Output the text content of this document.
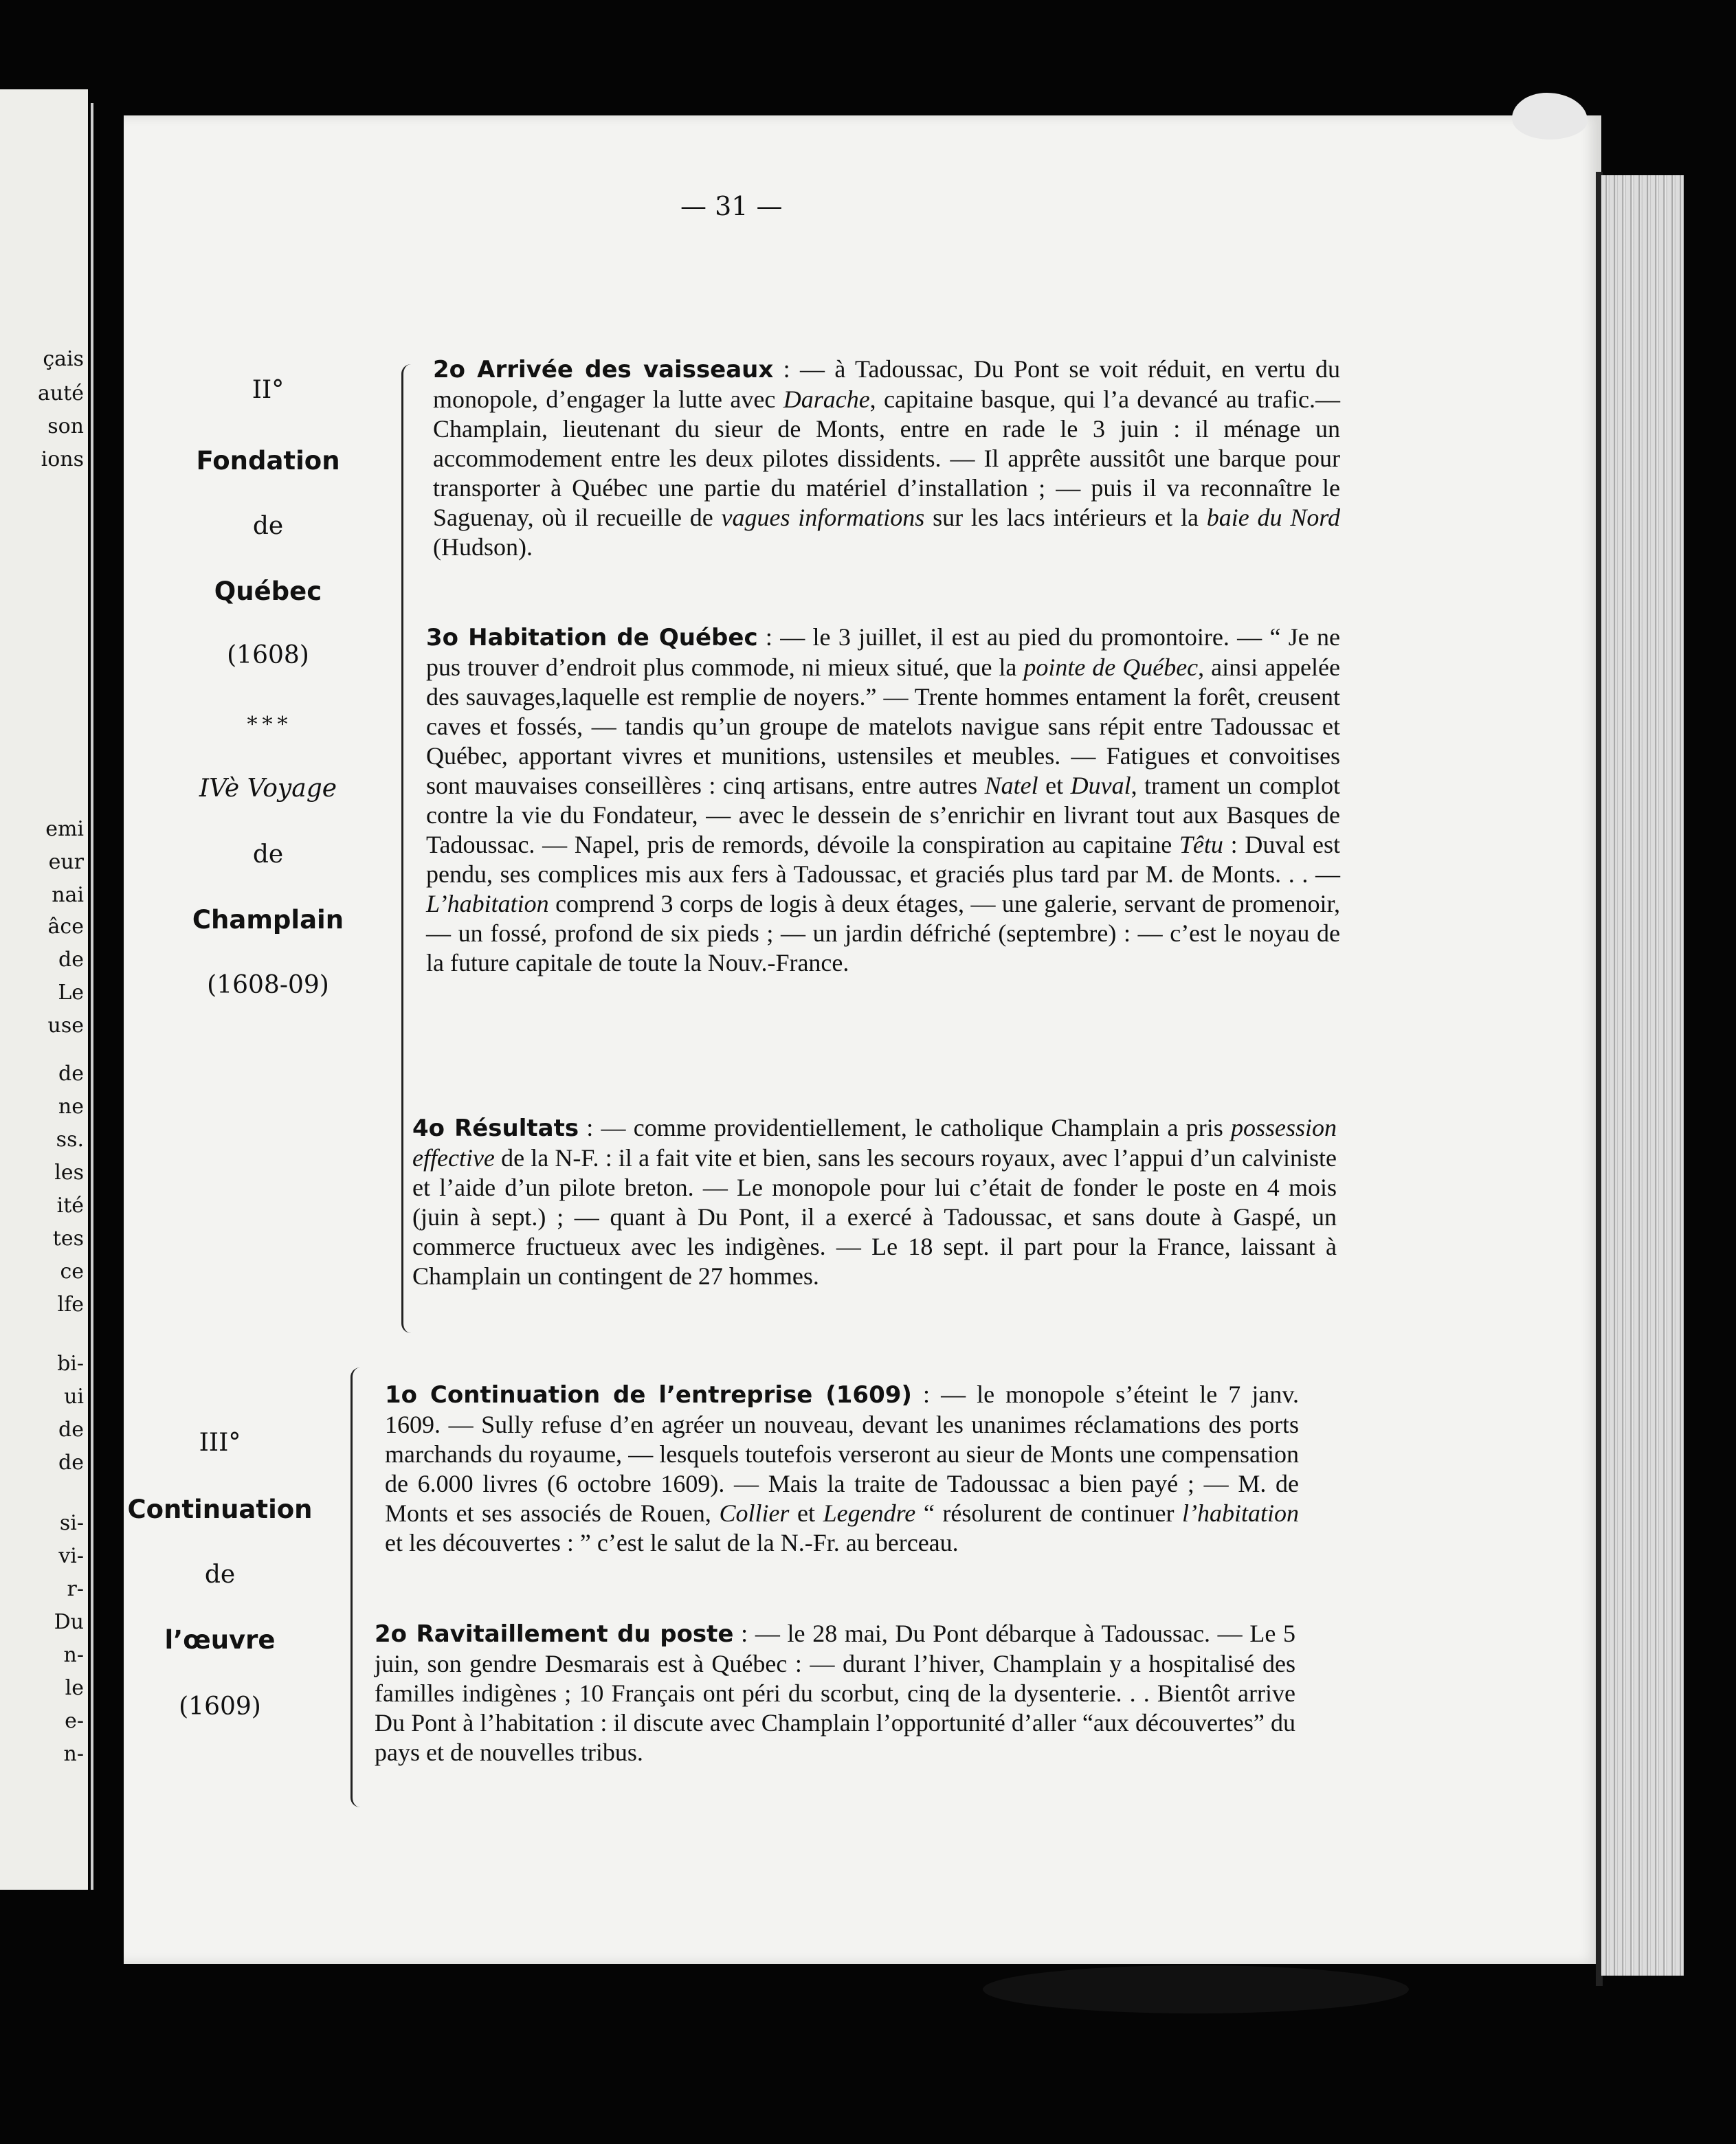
çais
auté
son
ions
emi
eur
nai
âce
de
Le
use
de
ne
ss.
les
ité
tes
ce
lfe
bi-
ui
de
de
si-
vi-
r-
Du
n-
le
e-
n-
— 31 —
II°
Fondation
de
Québec
(1608)
* * *
IVè Voyage
de
Champlain
(1608-09)
III°
Continuation
de
l’œuvre
(1609)
2o Arrivée des vaisseaux : — à Tadoussac, Du Pont se voit réduit, en vertu du monopole, d’engager la lutte avec Darache, capitaine basque, qui l’a devancé au trafic.—Champlain, lieutenant du sieur de Monts, entre en rade le 3 juin : il ménage un accommodement entre les deux pilotes dissidents. — Il apprête aussitôt une barque pour transporter à Québec une partie du matériel d’installation ; — puis il va reconnaître le Saguenay, où il recueille de vagues informations sur les lacs intérieurs et la baie du Nord (Hudson).
3o Habitation de Québec : — le 3 juillet, il est au pied du promontoire. — “ Je ne pus trouver d’endroit plus commode, ni mieux situé, que la pointe de Québec, ainsi appelée des sauvages,laquelle est remplie de noyers.” — Trente hommes entament la forêt, creusent caves et fossés, — tandis qu’un groupe de matelots navigue sans répit entre Tadoussac et Québec, apportant vivres et munitions, ustensiles et meubles. — Fatigues et convoitises sont mauvaises conseillères : cinq artisans, entre autres Natel et Duval, trament un complot contre la vie du Fondateur, — avec le dessein de s’enrichir en livrant tout aux Basques de Tadoussac. — Napel, pris de remords, dévoile la conspiration au capitaine Têtu : Duval est pendu, ses complices mis aux fers à Tadoussac, et graciés plus tard par M. de Monts. . . — L’habitation comprend 3 corps de logis à deux étages, — une galerie, servant de promenoir, — un fossé, profond de six pieds ; — un jardin défriché (septembre) : — c’est le noyau de la future capitale de toute la Nouv.-France.
4o Résultats : — comme providentiellement, le catholique Champlain a pris possession effective de la N-F. : il a fait vite et bien, sans les secours royaux, avec l’appui d’un calviniste et l’aide d’un pilote breton. — Le monopole pour lui c’était de fonder le poste en 4 mois (juin à sept.) ; — quant à Du Pont, il a exercé à Tadoussac, et sans doute à Gaspé, un commerce fructueux avec les indigènes. — Le 18 sept. il part pour la France, laissant à Champlain un contingent de 27 hommes.
1o Continuation de l’entreprise (1609) : — le monopole s’éteint le 7 janv. 1609. — Sully refuse d’en agréer un nouveau, devant les unanimes réclamations des ports marchands du royaume, — lesquels toutefois verseront au sieur de Monts une compensation de 6.000 livres (6 octobre 1609). — Mais la traite de Tadoussac a bien payé ; — M. de Monts et ses associés de Rouen, Collier et Legendre “ résolurent de continuer l’habitation et les découvertes : ” c’est le salut de la N.-Fr. au berceau.
2o Ravitaillement du poste : — le 28 mai, Du Pont débarque à Tadoussac. — Le 5 juin, son gendre Desmarais est à Québec : — durant l’hiver, Champlain y a hospitalisé des familles indigènes ; 10 Français ont péri du scorbut, cinq de la dysenterie. . . Bientôt arrive Du Pont à l’habitation : il discute avec Champlain l’opportunité d’aller “aux découvertes” du pays et de nouvelles tribus.
